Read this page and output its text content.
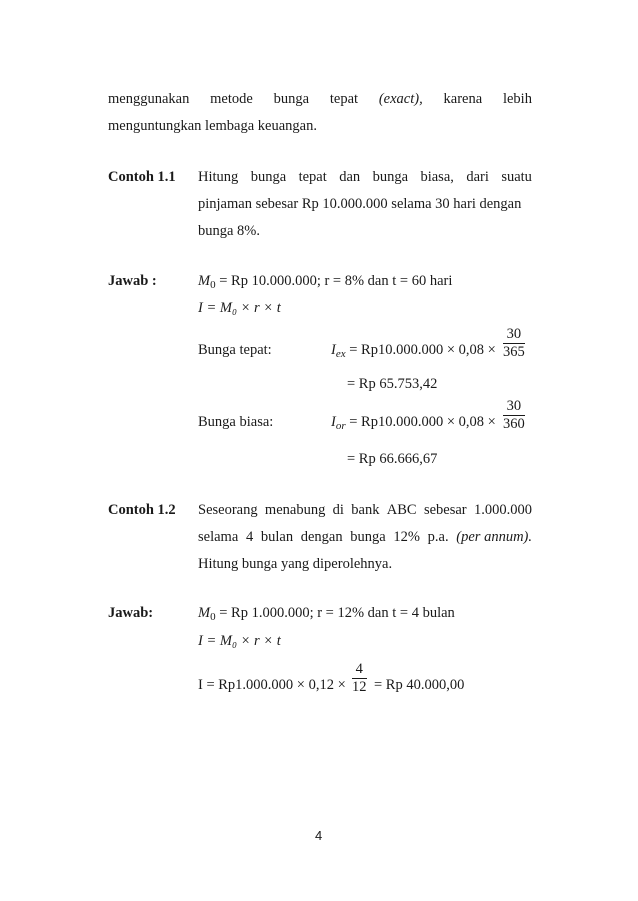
menggunakan metode bunga tepat (exact), karena lebih
menguntungkan lembaga keuangan.
Contoh 1.1 Hitung bunga tepat dan bunga biasa, dari suatu
pinjaman sebesar Rp 10.000.000 selama 30 hari dengan
bunga 8%.
Jawab :	$M_0 = Rp$ 10.000.000; r = 8% dan t = 60 hari
I = M₀ × r × t
Bunga tepat:	$I_{ex} = Rp10.000.000 \times 0,08$ ×
30
365
= Rp 65.753,42
Bunga biasa:	$I_{or} = Rp10.000.000 \times 0,08$ ×
30
360
= Rp 66.666,67
Contoh 1.2 Seseorang menabung di bank ABC sebesar 1.000.000
selama 4 bulan dengan bunga 12% p.a. (per annum).
Hitung bunga yang diperolehnya.
Jawab:	$M_0 = Rp$ 1.000.000; r = 12% dan t = 4 bulan
I = M₀ × r × t
I = Rp1.000.000 × 0,12 ×
4
12 = Rp 40.000,00
4
